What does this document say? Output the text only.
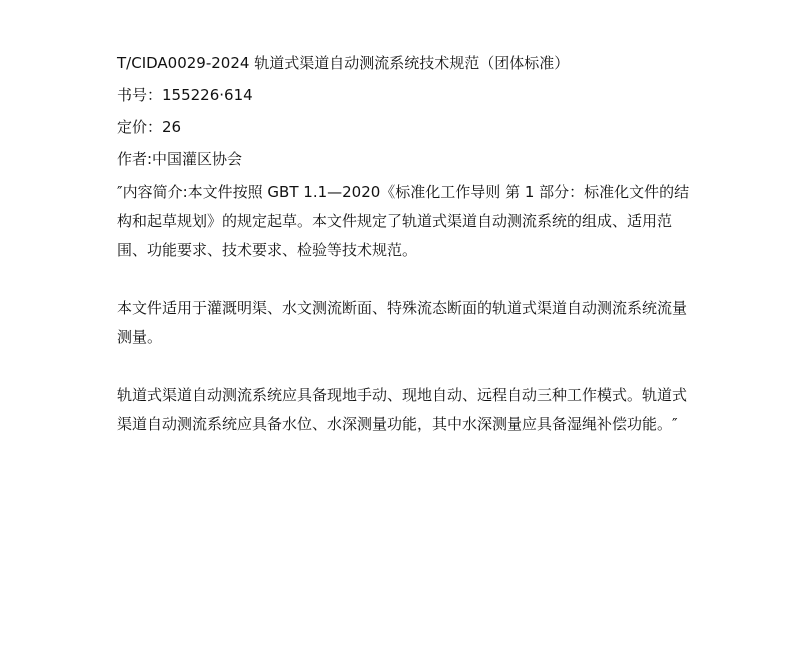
T/CIDA0029-2024 轨道式渠道自动测流系统技术规范（团体标准）
书号：155226·614
定价：26
作者:中国灌区协会

″内容简介:本文件按照 GBT 1.1—2020《标准化工作导则 第 1 部分：标准化文件的结构和起草规划》的规定起草。本文件规定了轨道式渠道自动测流系统的组成、适用范围、功能要求、技术要求、检验等技术规范。

本文件适用于灌溉明渠、水文测流断面、特殊流态断面的轨道式渠道自动测流系统流量测量。

轨道式渠道自动测流系统应具备现地手动、现地自动、远程自动三种工作模式。轨道式渠道自动测流系统应具备水位、水深测量功能，其中水深测量应具备湿绳补偿功能。″
